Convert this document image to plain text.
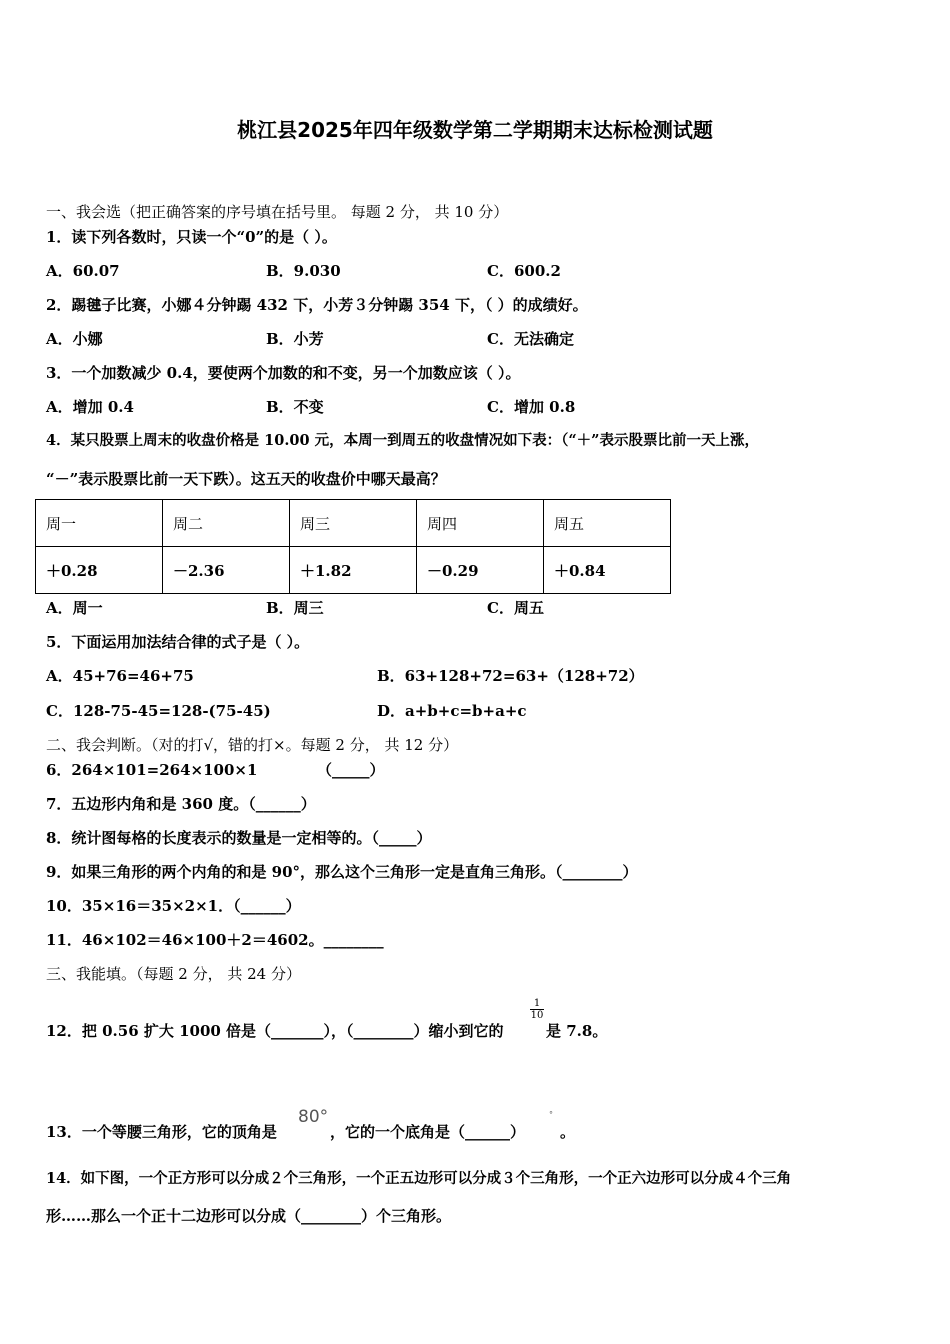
桃江县2025年四年级数学第二学期期末达标检测试题
一、我会选（把正确答案的序号填在括号里。 每题 2 分， 共 10 分）
1．读下列各数时，只读一个“0”的是（ ）。
A．60.07	B．9.030	C．600.2
2．踢毽子比赛，小娜４分钟踢 432 下，小芳３分钟踢 354 下，（ ）的成绩好。
A．小娜	B．小芳	C．无法确定
3．一个加数减少 0.4，要使两个加数的和不变，另一个加数应该（ ）。
A．增加 0.4	B．不变	C．增加 0.8
4．某只股票上周末的收盘价格是 10.00 元，本周一到周五的收盘情况如下表：（“＋”表示股票比前一天上涨，
“－”表示股票比前一天下跌）。这五天的收盘价中哪天最高？
周一	周二	周三	周四	周五
＋0.28	－2.36	＋1.82	－0.29	＋0.84
A．周一	B．周三	C．周五
5．下面运用加法结合律的式子是（ ）。
A．45+76=46+75	B．63+128+72=63+（128+72）
C．128-75-45=128-(75-45)	D．a+b+c=b+a+c
二、我会判断。（对的打√，错的打×。每题 2 分， 共 12 分）
6．264×101=264×100×1	（_____）
7．五边形内角和是 360 度。（______）
8．统计图每格的长度表示的数量是一定相等的。（_____）
9．如果三角形的两个内角的和是 90°，那么这个三角形一定是直角三角形。（________）
10．35×16＝35×2×1．（______）
11．46×102＝46×100＋2＝4602。________
三、我能填。（每题 2 分， 共 24 分）
12．把 0.56 扩大 1000 倍是（_______），（________）缩小到它的
$\frac{1}{10}$
是 7.8。
13．一个等腰三角形，它的顶角是
80°
，它的一个底角是（______）
°
。
14．如下图，一个正方形可以分成２个三角形，一个正五边形可以分成３个三角形，一个正六边形可以分成４个三角
形……那么一个正十二边形可以分成（________）个三角形。
